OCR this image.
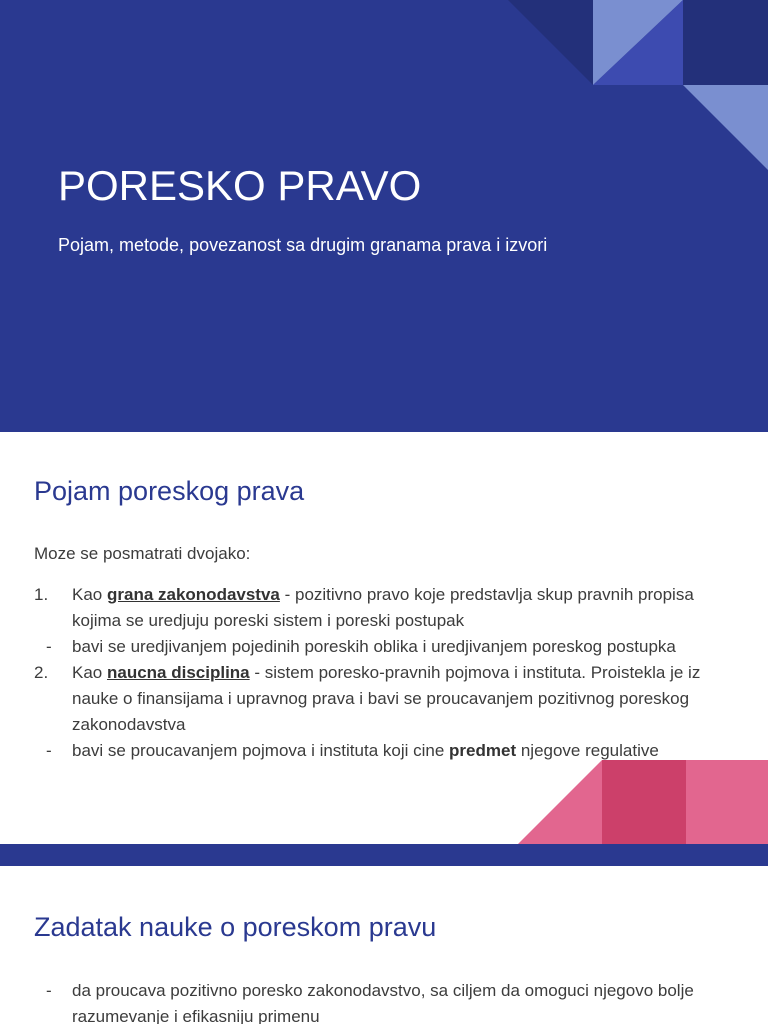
PORESKO PRAVO
Pojam, metode, povezanost sa drugim granama prava i izvori
Pojam poreskog prava
Moze se posmatrati dvojako:
1.	Kao grana zakonodavstva - pozitivno pravo koje predstavlja skup pravnih propisa kojima se uredjuju poreski sistem i poreski postupak
-	bavi se uredjivanjem pojedinih poreskih oblika i uredjivanjem poreskog postupka
2.	Kao naucna disciplina - sistem poresko-pravnih pojmova i instituta. Proistekla je iz nauke o finansijama i upravnog prava i bavi se proucavanjem pozitivnog poreskog zakonodavstva
-	bavi se proucavanjem pojmova i instituta koji cine predmet njegove regulative
Zadatak nauke o poreskom pravu
-	da proucava pozitivno poresko zakonodavstvo, sa ciljem da omoguci njegovo bolje razumevanje i efikasniju primenu
